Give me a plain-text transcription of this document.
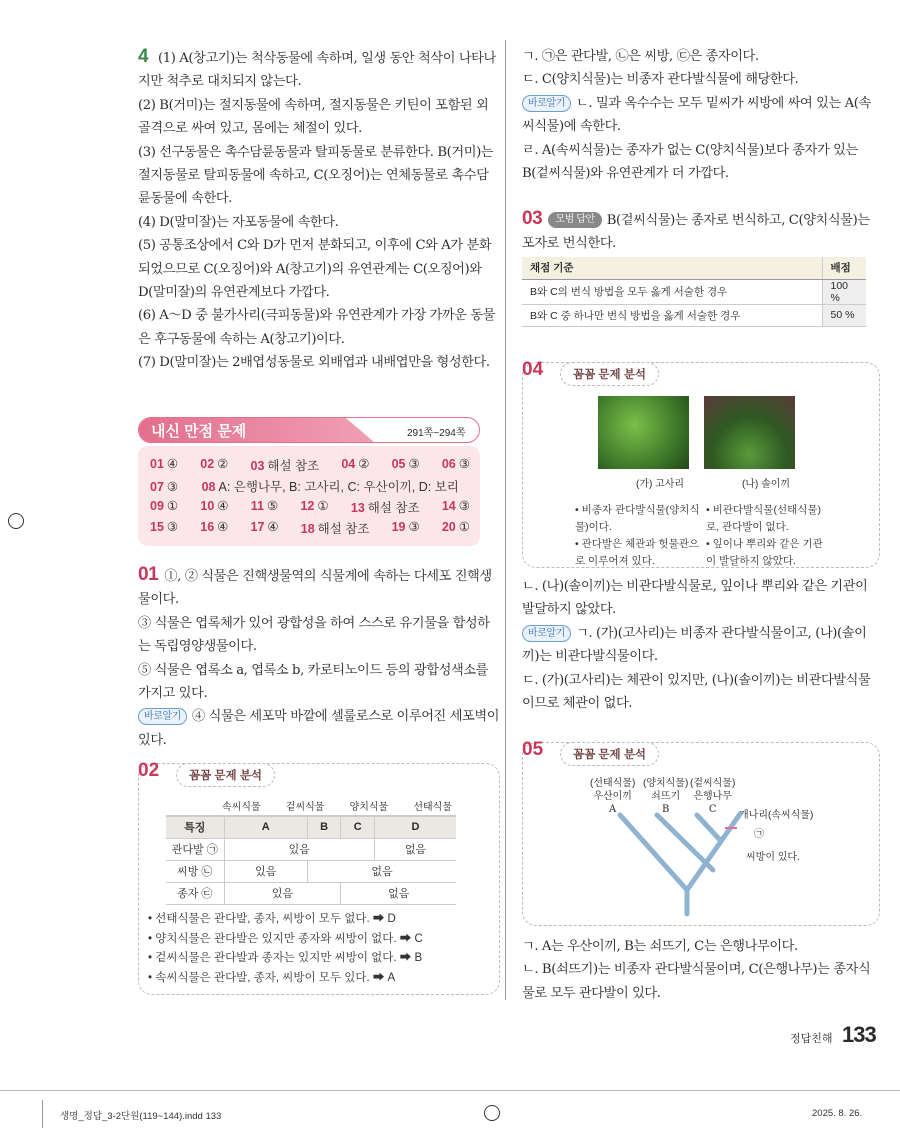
4 (1) A(창고기)는 척삭동물에 속하며, 일생 동안 척삭이 나타나지만 척추로 대치되지 않는다.
(2) B(거미)는 절지동물에 속하며, 절지동물은 키틴이 포함된 외골격으로 싸여 있고, 몸에는 체절이 있다.
(3) 선구동물은 촉수담륜동물과 탈피동물로 분류한다. B(거미)는 절지동물로 탈피동물에 속하고, C(오징어)는 연체동물로 촉수담륜동물에 속한다.
(4) D(말미잘)는 자포동물에 속한다.
(5) 공통조상에서 C와 D가 먼저 분화되고, 이후에 C와 A가 분화되었으므로 C(오징어)와 A(창고기)의 유연관계는 C(오징어)와 D(말미잘)의 유연관계보다 가깝다.
(6) A～D 중 불가사리(극피동물)와 유연관계가 가장 가까운 동물은 후구동물에 속하는 A(창고기)이다.
(7) D(말미잘)는 2배엽성동물로 외배엽과 내배엽만을 형성한다.
내신 만점 문제	291쪽~294쪽
01 ④ 02 ② 03 해설 참조 04 ② 05 ③ 06 ③
07 ③ 08 A: 은행나무, B: 고사리, C: 우산이끼, D: 보리
09 ① 10 ④ 11 ⑤ 12 ① 13 해설 참조 14 ③
15 ③ 16 ④ 17 ④ 18 해설 참조 19 ③ 20 ①
01 ①, ② 식물은 진핵생물역의 식물계에 속하는 다세포 진핵생물이다.
③ 식물은 엽록체가 있어 광합성을 하여 스스로 유기물을 합성하는 독립영양생물이다.
⑤ 식물은 엽록소 a, 엽록소 b, 카로티노이드 등의 광합성색소를 가지고 있다.
바로알기 ④ 식물은 세포막 바깥에 셀룰로스로 이루어진 세포벽이 있다.
02	꼼꼼 문제 분석
속씨식물	겉씨식물	양치식물	선태식물
특징	A	B	C	D
관다발 ㉠	있음			없음
씨방 ㉡	있음	없음		
종자 ㉢	있음		없음	
• 선태식물은 관다발, 종자, 씨방이 모두 없다. ➡ D
• 양치식물은 관다발은 있지만 종자와 씨방이 없다. ➡ C
• 겉씨식물은 관다발과 종자는 있지만 씨방이 없다. ➡ B
• 속씨식물은 관다발, 종자, 씨방이 모두 있다. ➡ A
ㄱ. ㉠은 관다발, ㉡은 씨방, ㉢은 종자이다.
ㄷ. C(양치식물)는 비종자 관다발식물에 해당한다.
바로알기 ㄴ. 밀과 옥수수는 모두 밑씨가 씨방에 싸여 있는 A(속씨식물)에 속한다.
ㄹ. A(속씨식물)는 종자가 없는 C(양치식물)보다 종자가 있는 B(겉씨식물)와 유연관계가 더 가깝다.
03 모범 답안 B(겉씨식물)는 종자로 번식하고, C(양치식물)는 포자로 번식한다.
채점 기준	배점
B와 C의 번식 방법을 모두 옳게 서술한 경우	100 %
B와 C 중 하나만 번식 방법을 옳게 서술한 경우	50 %
04	꼼꼼 문제 분석
(가) 고사리	(나) 솔이끼
• 비종자 관다발식물(양치식물)이다.
• 관다발은 체관과 헛물관으로 이루어져 있다.
• 비관다발식물(선태식물)로, 관다발이 없다.
• 잎이나 뿌리와 같은 기관이 발달하지 않았다.
ㄴ. (나)(솔이끼)는 비관다발식물로, 잎이나 뿌리와 같은 기관이 발달하지 않았다.
바로알기 ㄱ. (가)(고사리)는 비종자 관다발식물이고, (나)(솔이끼)는 비관다발식물이다.
ㄷ. (가)(고사리)는 체관이 있지만, (나)(솔이끼)는 비관다발식물이므로 체관이 없다.
05	꼼꼼 문제 분석
(선태식물)
우산이끼
A
(양치식물)
쇠뜨기
B
(겉씨식물)
은행나무
C
개나리(속씨식물)
㉠
씨방이 있다.
ㄱ. A는 우산이끼, B는 쇠뜨기, C는 은행나무이다.
ㄴ. B(쇠뜨기)는 비종자 관다발식물이며, C(은행나무)는 종자식물로 모두 관다발이 있다.
정답친해 133
생명_정답_3-2단원(119~144).indd 133	2025. 8. 26.
